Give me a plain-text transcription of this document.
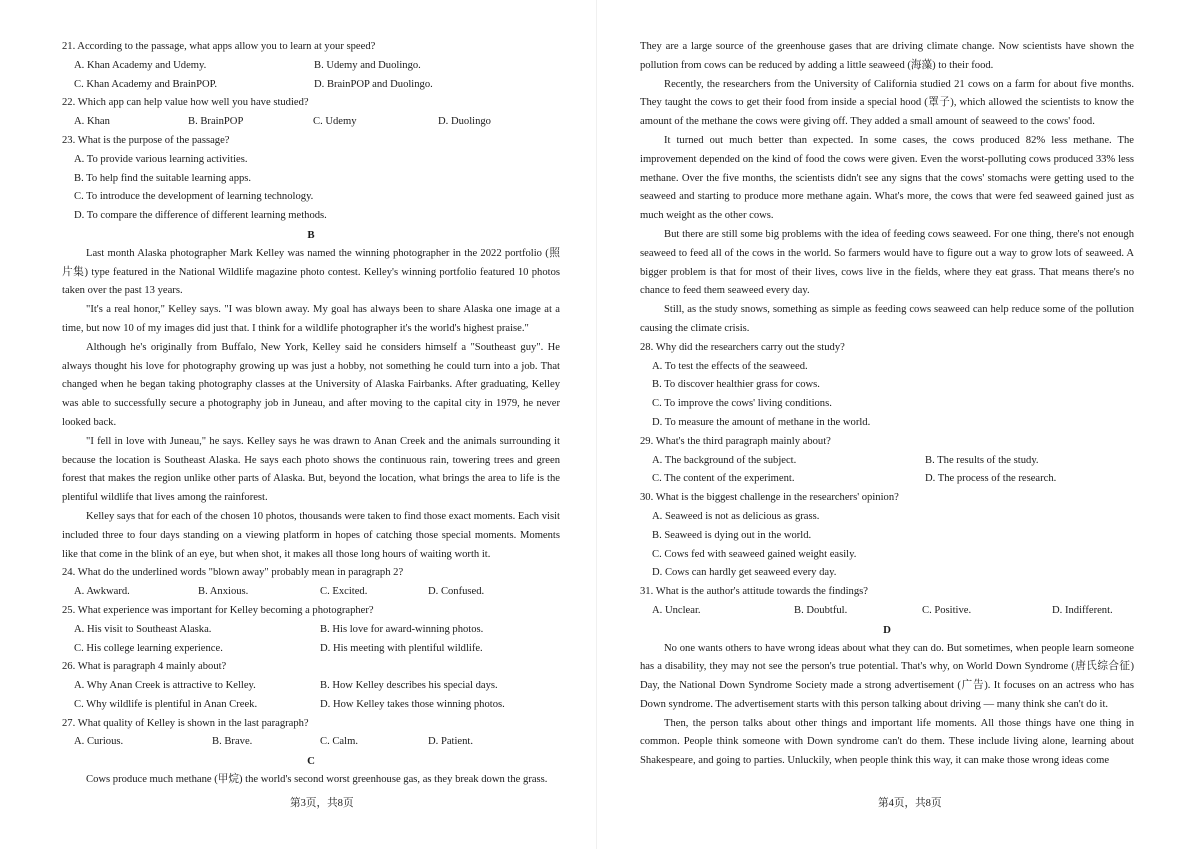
21. According to the passage, what apps allow you to learn at your speed?

A. Khan Academy and Udemy.	B. Udemy and Duolingo.
C. Khan Academy and BrainPOP.	D. BrainPOP and Duolingo.

22. Which app can help value how well you have studied?

A. Khan	B. BrainPOP	C. Udemy	D. Duolingo

23. What is the purpose of the passage?

A. To provide various learning activities.

B. To help find the suitable learning apps.

C. To introduce the development of learning technology.

D. To compare the difference of different learning methods.

B

Last month Alaska photographer Mark Kelley was named the winning photographer in the 2022 portfolio (照片集) type featured in the National Wildlife magazine photo contest. Kelley's winning portfolio featured 10 photos taken over the past 13 years.

"It's a real honor," Kelley says. "I was blown away. My goal has always been to share Alaska one image at a time, but now 10 of my images did just that. I think for a wildlife photographer it's the world's highest praise."

Although he's originally from Buffalo, New York, Kelley said he considers himself a "Southeast guy". He always thought his love for photography growing up was just a hobby, not something he could turn into a job. That changed when he began taking photography classes at the University of Alaska Fairbanks. After graduating, Kelley was able to successfully secure a photography job in Juneau, and after moving to the capital city in 1979, he never looked back.

"I fell in love with Juneau," he says. Kelley says he was drawn to Anan Creek and the animals surrounding it because the location is Southeast Alaska. He says each photo shows the continuous rain, towering trees and green forest that makes the region unlike other parts of Alaska. But, beyond the location, what brings the area to life is the plentiful wildlife that lives among the rainforest.

Kelley says that for each of the chosen 10 photos, thousands were taken to find those exact moments. Each visit included three to four days standing on a viewing platform in hopes of catching those special moments. Moments like that come in the blink of an eye, but when shot, it makes all those long hours of waiting worth it.

24. What do the underlined words "blown away" probably mean in paragraph 2?

A. Awkward.	B. Anxious.	C. Excited.	D. Confused.

25. What experience was important for Kelley becoming a photographer?

A. His visit to Southeast Alaska.	B. His love for award-winning photos.
C. His college learning experience.	D. His meeting with plentiful wildlife.

26. What is paragraph 4 mainly about?

A. Why Anan Creek is attractive to Kelley.	B. How Kelley describes his special days.
C. Why wildlife is plentiful in Anan Creek.	D. How Kelley takes those winning photos.

27. What quality of Kelley is shown in the last paragraph?

A. Curious.	B. Brave.	C. Calm.	D. Patient.

C

Cows produce much methane (甲烷) the world's second worst greenhouse gas, as they break down the grass.

第3页，共8页

They are a large source of the greenhouse gases that are driving climate change. Now scientists have shown the pollution from cows can be reduced by adding a little seaweed (海藻) to their food.

Recently, the researchers from the University of California studied 21 cows on a farm for about five months. They taught the cows to get their food from inside a special hood (罩子), which allowed the scientists to know the amount of the methane the cows were giving off. They added a small amount of seaweed to the cows' food.

It turned out much better than expected. In some cases, the cows produced 82% less methane. The improvement depended on the kind of food the cows were given. Even the worst-polluting cows produced 33% less methane. Over the five months, the scientists didn't see any signs that the cows' stomachs were getting used to the seaweed and starting to produce more methane again. What's more, the cows that were fed seaweed gained just as much weight as the other cows.

But there are still some big problems with the idea of feeding cows seaweed. For one thing, there's not enough seaweed to feed all of the cows in the world. So farmers would have to figure out a way to grow lots of seaweed. A bigger problem is that for most of their lives, cows live in the fields, where they eat grass. That means there's no chance to feed them seaweed every day.

Still, as the study snows, something as simple as feeding cows seaweed can help reduce some of the pollution causing the climate crisis.

28. Why did the researchers carry out the study?

A. To test the effects of the seaweed.

B. To discover healthier grass for cows.

C. To improve the cows' living conditions.

D. To measure the amount of methane in the world.

29. What's the third paragraph mainly about?

A. The background of the subject.	B. The results of the study.
C. The content of the experiment.	D. The process of the research.

30. What is the biggest challenge in the researchers' opinion?

A. Seaweed is not as delicious as grass.

B. Seaweed is dying out in the world.

C. Cows fed with seaweed gained weight easily.

D. Cows can hardly get seaweed every day.

31. What is the author's attitude towards the findings?

A. Unclear.	B. Doubtful.	C. Positive.	D. Indifferent.

D

No one wants others to have wrong ideas about what they can do. But sometimes, when people learn someone has a disability, they may not see the person's true potential. That's why, on World Down Syndrome (唐氏综合征) Day, the National Down Syndrome Society made a strong advertisement (广告). It focuses on an actress who has Down syndrome. The advertisement starts with this person talking about driving — many think she can't do it.

Then, the person talks about other things and important life moments. All those things have one thing in common. People think someone with Down syndrome can't do them. These include living alone, learning about Shakespeare, and going to parties. Unluckily, when people think this way, it can make those wrong ideas come

第4页，共8页
